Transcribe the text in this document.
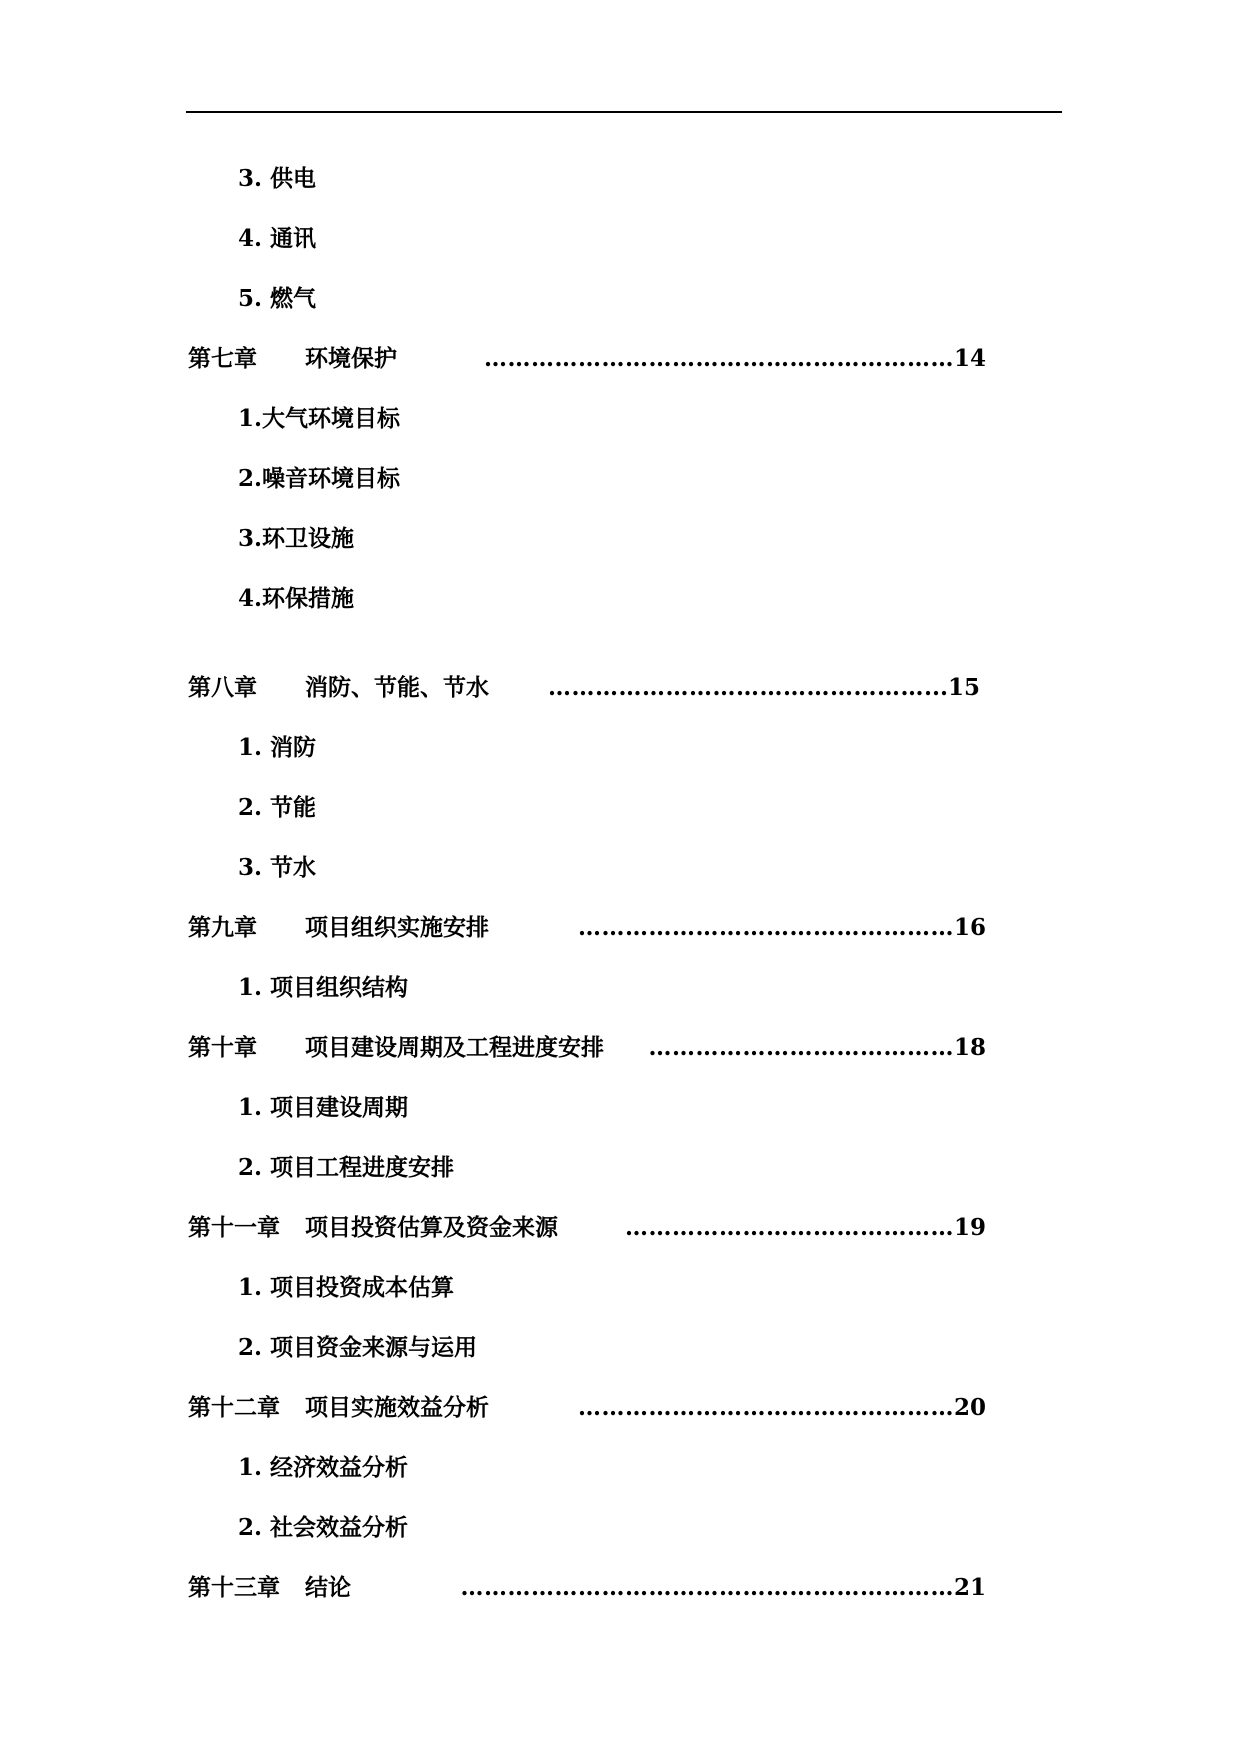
3. 供电
4. 通讯
5. 燃气
第七章 环境保护	……………………………………………………14
1.大气环境目标
2.噪音环境目标
3.环卫设施
4.环保措施
第八章 消防、节能、节水	…………………………………………...15
1. 消防
2. 节能
3. 节水
第九章 项目组织实施安排	…………………………………………16
1. 项目组织结构
第十章 项目建设周期及工程进度安排 …………………………………18
1. 项目建设周期
2. 项目工程进度安排
第十一章 项目投资估算及资金来源	……………………………………19
1. 项目投资成本估算
2. 项目资金来源与运用
第十二章 项目实施效益分析	…………………………………………20
1. 经济效益分析
2. 社会效益分析
第十三章 结论	………………………………………………………21
